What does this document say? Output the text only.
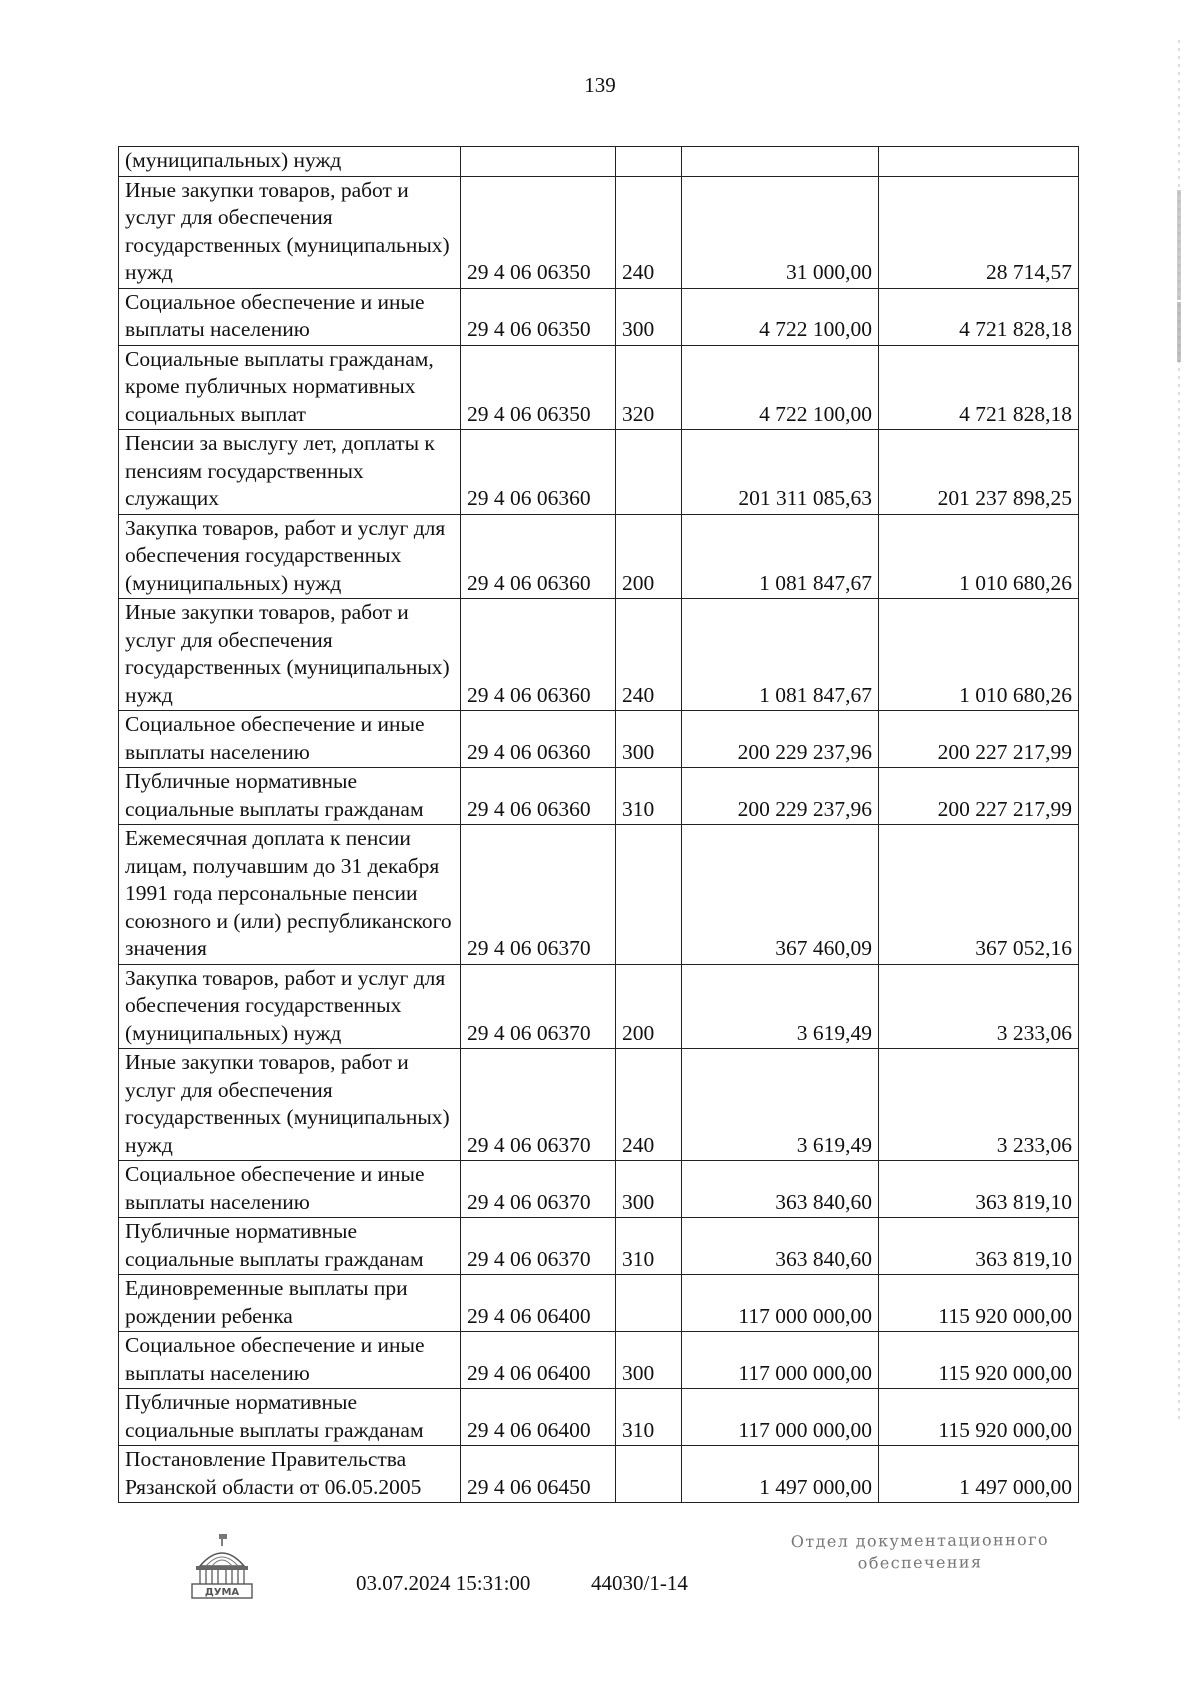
139
(муниципальных) нужд				
Иные закупки товаров, работ и услуг для обеспечения государственных (муниципальных) нужд	29 4 06 06350	240	31 000,00	28 714,57
Социальное обеспечение и иные выплаты населению	29 4 06 06350	300	4 722 100,00	4 721 828,18
Социальные выплаты гражданам, кроме публичных нормативных социальных выплат	29 4 06 06350	320	4 722 100,00	4 721 828,18
Пенсии за выслугу лет, доплаты к пенсиям государственных служащих	29 4 06 06360		201 311 085,63	201 237 898,25
Закупка товаров, работ и услуг для обеспечения государственных (муниципальных) нужд	29 4 06 06360	200	1 081 847,67	1 010 680,26
Иные закупки товаров, работ и услуг для обеспечения государственных (муниципальных) нужд	29 4 06 06360	240	1 081 847,67	1 010 680,26
Социальное обеспечение и иные выплаты населению	29 4 06 06360	300	200 229 237,96	200 227 217,99
Публичные нормативные социальные выплаты гражданам	29 4 06 06360	310	200 229 237,96	200 227 217,99
Ежемесячная доплата к пенсии лицам, получавшим до 31 декабря 1991 года персональные пенсии союзного и (или) республиканского значения	29 4 06 06370		367 460,09	367 052,16
Закупка товаров, работ и услуг для обеспечения государственных (муниципальных) нужд	29 4 06 06370	200	3 619,49	3 233,06
Иные закупки товаров, работ и услуг для обеспечения государственных (муниципальных) нужд	29 4 06 06370	240	3 619,49	3 233,06
Социальное обеспечение и иные выплаты населению	29 4 06 06370	300	363 840,60	363 819,10
Публичные нормативные социальные выплаты гражданам	29 4 06 06370	310	363 840,60	363 819,10
Единовременные выплаты при рождении ребенка	29 4 06 06400		117 000 000,00	115 920 000,00
Социальное обеспечение и иные выплаты населению	29 4 06 06400	300	117 000 000,00	115 920 000,00
Публичные нормативные социальные выплаты гражданам	29 4 06 06400	310	117 000 000,00	115 920 000,00
Постановление Правительства Рязанской области от 06.05.2005	29 4 06 06450		1 497 000,00	1 497 000,00
ДУМА	03.07.2024 15:31:00	44030/1-14
Отдел документационного
обеспечения
